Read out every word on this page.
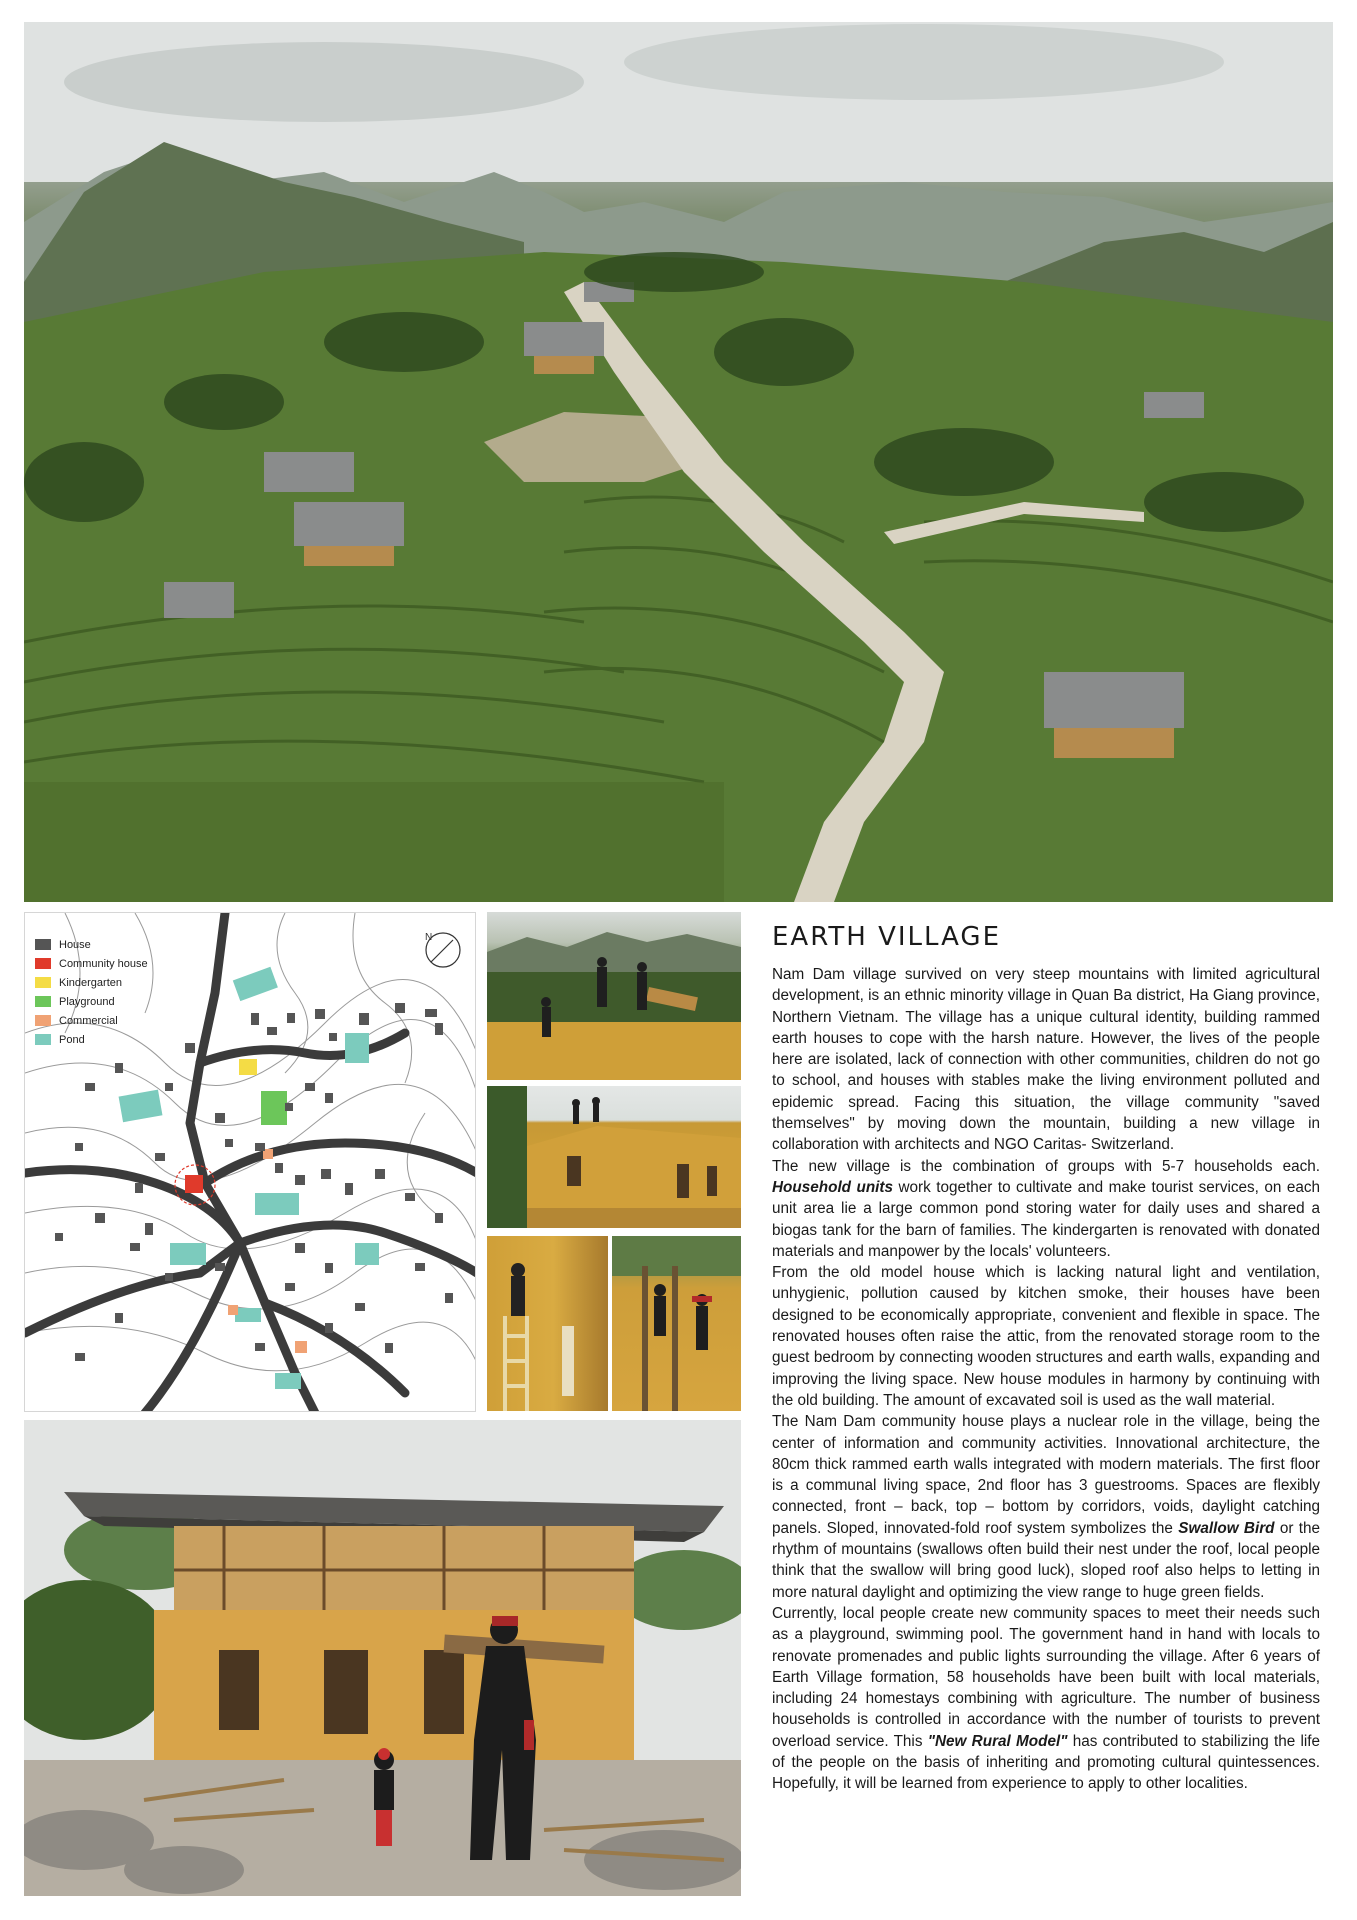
House
Community house
Kindergarten
Playground
Commercial
Pond
N	EARTH VILLAGE

Nam Dam village survived on very steep mountains with limited agricultural development, is an ethnic minority village in Quan Ba district, Ha Giang province, Northern Vietnam. The village has a unique cultural identity, building rammed earth houses to cope with the harsh nature. However, the lives of the people here are isolated, lack of connection with other communities, children do not go to school, and houses with stables make the living environment polluted and epidemic spread. Facing this situation, the village community "saved themselves" by moving down the mountain, building a new village in collaboration with architects and NGO Caritas- Switzerland.

The new village is the combination of groups with 5-7 households each. Household units work together to cultivate and make tourist services, on each unit area lie a large common pond storing water for daily uses and shared a biogas tank for the barn of families. The kindergarten is renovated with donated materials and manpower by the locals' volunteers.

From the old model house which is lacking natural light and ventilation, unhygienic, pollution caused by kitchen smoke, their houses have been designed to be economically appropriate, convenient and flexible in space. The renovated houses often raise the attic, from the renovated storage room to the guest bedroom by connecting wooden structures and earth walls, expanding and improving the living space. New house modules in harmony by continuing with the old building. The amount of excavated soil is used as the wall material.

The Nam Dam community house plays a nuclear role in the village, being the center of information and community activities. Innovational architecture, the 80cm thick rammed earth walls integrated with modern materials. The first floor is a communal living space, 2nd floor has 3 guestrooms. Spaces are flexibly connected, front – back, top – bottom by corridors, voids, daylight catching panels. Sloped, innovated-fold roof system symbolizes the Swallow Bird or the rhythm of mountains (swallows often build their nest under the roof, local people think that the swallow will bring good luck), sloped roof also helps to letting in more natural daylight and optimizing the view range to huge green fields.

Currently, local people create new community spaces to meet their needs such as a playground, swimming pool. The government hand in hand with locals to renovate promenades and public lights surrounding the village. After 6 years of Earth Village formation, 58 households have been built with local materials, including 24 homestays combining with agriculture. The number of business households is controlled in accordance with the number of tourists to prevent overload service. This "New Rural Model" has contributed to stabilizing the life of the people on the basis of inheriting and promoting cultural quintessences. Hopefully, it will be learned from experience to apply to other localities.
